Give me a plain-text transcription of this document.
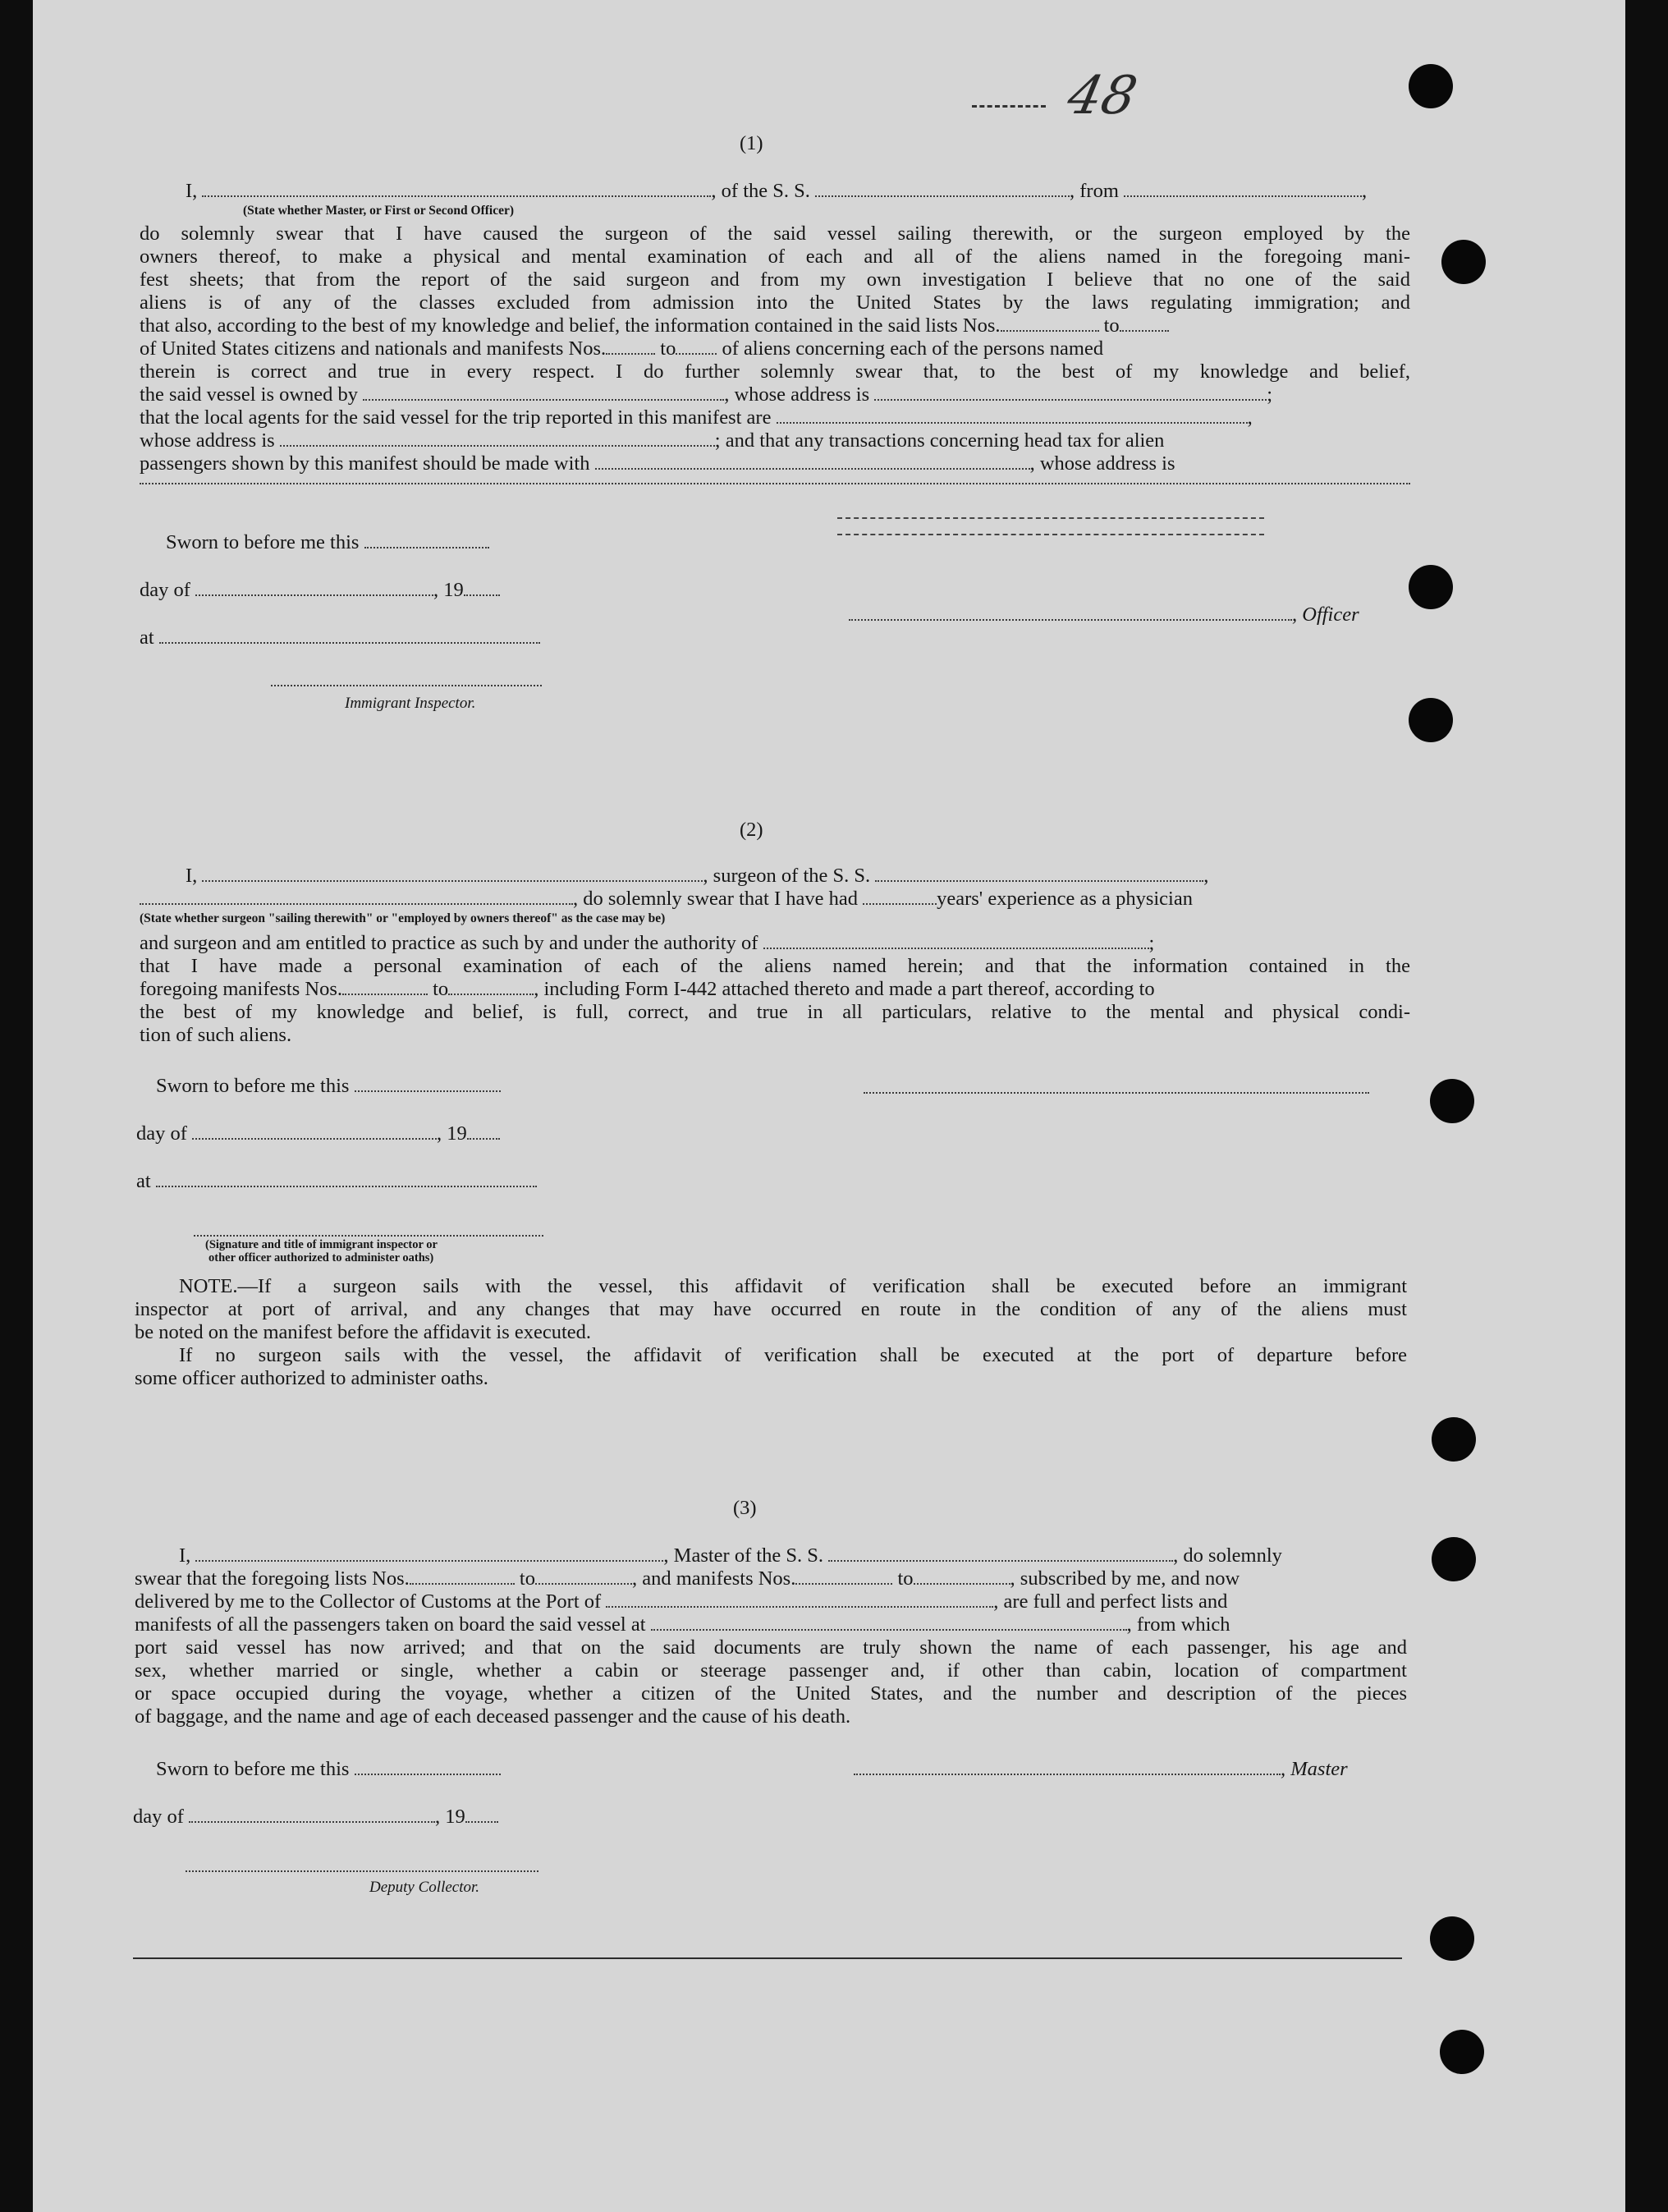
48
(1)
I,	, of the S. S.	, from	,
(State whether Master, or First or Second Officer)
do solemnly swear that I have caused the surgeon of the said vessel sailing therewith, or the surgeon employed by the
owners thereof, to make a physical and mental examination of each and all of the aliens named in the foregoing mani-
fest sheets; that from the report of the said surgeon and from my own investigation I believe that no one of the said
aliens is of any of the classes excluded from admission into the United States by the laws regulating immigration; and
that also, according to the best of my knowledge and belief, the information contained in the said lists Nos.	to
of United States citizens and nationals and manifests Nos.	to of aliens concerning each of the persons named
therein is correct and true in every respect. I do further solemnly swear that, to the best of my knowledge and belief,
the said vessel is owned by	, whose address is	;
that the local agents for the said vessel for the trip reported in this manifest are	,
whose address is	; and that any transactions concerning head tax for alien
passengers shown by this manifest should be made with	, whose address is
Sworn to before me this
day of	, 19
at
Immigrant Inspector.
, Officer
(2)
I,	, surgeon of the S. S.	,
, do solemnly swear that I have had	years' experience as a physician
(State whether surgeon "sailing therewith" or "employed by owners thereof" as the case may be)
and surgeon and am entitled to practice as such by and under the authority of	;
that I have made a personal examination of each of the aliens named herein; and that the information contained in the
foregoing manifests Nos.	to	, including Form I-442 attached thereto and made a part thereof, according to
the best of my knowledge and belief, is full, correct, and true in all particulars, relative to the mental and physical condi-
tion of such aliens.
Sworn to before me this
day of	, 19
at
(Signature and title of immigrant inspector or
other officer authorized to administer oaths)
NOTE.—If a surgeon sails with the vessel, this affidavit of verification shall be executed before an immigrant
inspector at port of arrival, and any changes that may have occurred en route in the condition of any of the aliens must
be noted on the manifest before the affidavit is executed.
If no surgeon sails with the vessel, the affidavit of verification shall be executed at the port of departure before
some officer authorized to administer oaths.
(3)
I,	, Master of the S. S.	, do solemnly
swear that the foregoing lists Nos.	to	, and manifests Nos.	to	, subscribed by me, and now
delivered by me to the Collector of Customs at the Port of	, are full and perfect lists and
manifests of all the passengers taken on board the said vessel at	, from which
port said vessel has now arrived; and that on the said documents are truly shown the name of each passenger, his age and
sex, whether married or single, whether a cabin or steerage passenger and, if other than cabin, location of compartment
or space occupied during the voyage, whether a citizen of the United States, and the number and description of the pieces
of baggage, and the name and age of each deceased passenger and the cause of his death.
Sworn to before me this	, Master
day of	, 19
Deputy Collector.
